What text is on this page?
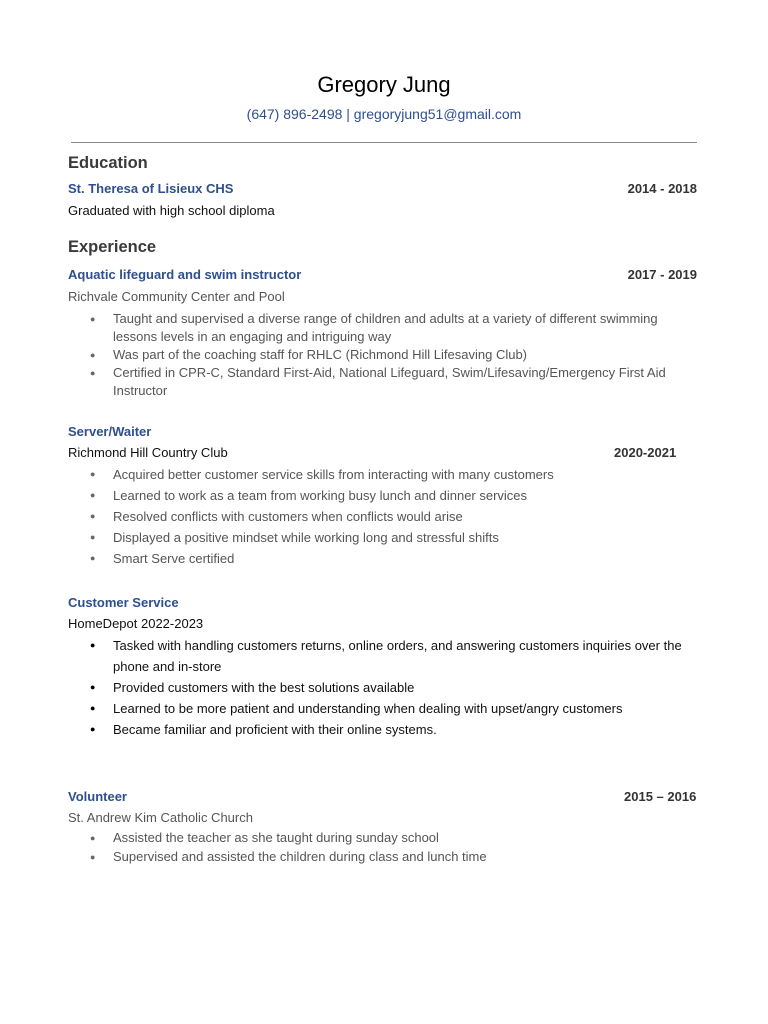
Gregory Jung
(647) 896-2498 | gregoryjung51@gmail.com
Education
St. Theresa of Lisieux CHS	2014 - 2018
Graduated with high school diploma
Experience
Aquatic lifeguard and swim instructor	2017 - 2019
Richvale Community Center and Pool
● Taught and supervised a diverse range of children and adults at a variety of different swimming lessons levels in an engaging and intriguing way
● Was part of the coaching staff for RHLC (Richmond Hill Lifesaving Club)
● Certified in CPR-C, Standard First-Aid, National Lifeguard, Swim/Lifesaving/Emergency First Aid Instructor
Server/Waiter
Richmond Hill Country Club	2020-2021
● Acquired better customer service skills from interacting with many customers
● Learned to work as a team from working busy lunch and dinner services
● Resolved conflicts with customers when conflicts would arise
● Displayed a positive mindset while working long and stressful shifts
● Smart Serve certified
Customer Service
HomeDepot 2022-2023
● Tasked with handling customers returns, online orders, and answering customers inquiries over the phone and in-store
● Provided customers with the best solutions available
● Learned to be more patient and understanding when dealing with upset/angry customers
● Became familiar and proficient with their online systems.
Volunteer	2015 – 2016
St. Andrew Kim Catholic Church
● Assisted the teacher as she taught during sunday school
● Supervised and assisted the children during class and lunch time
